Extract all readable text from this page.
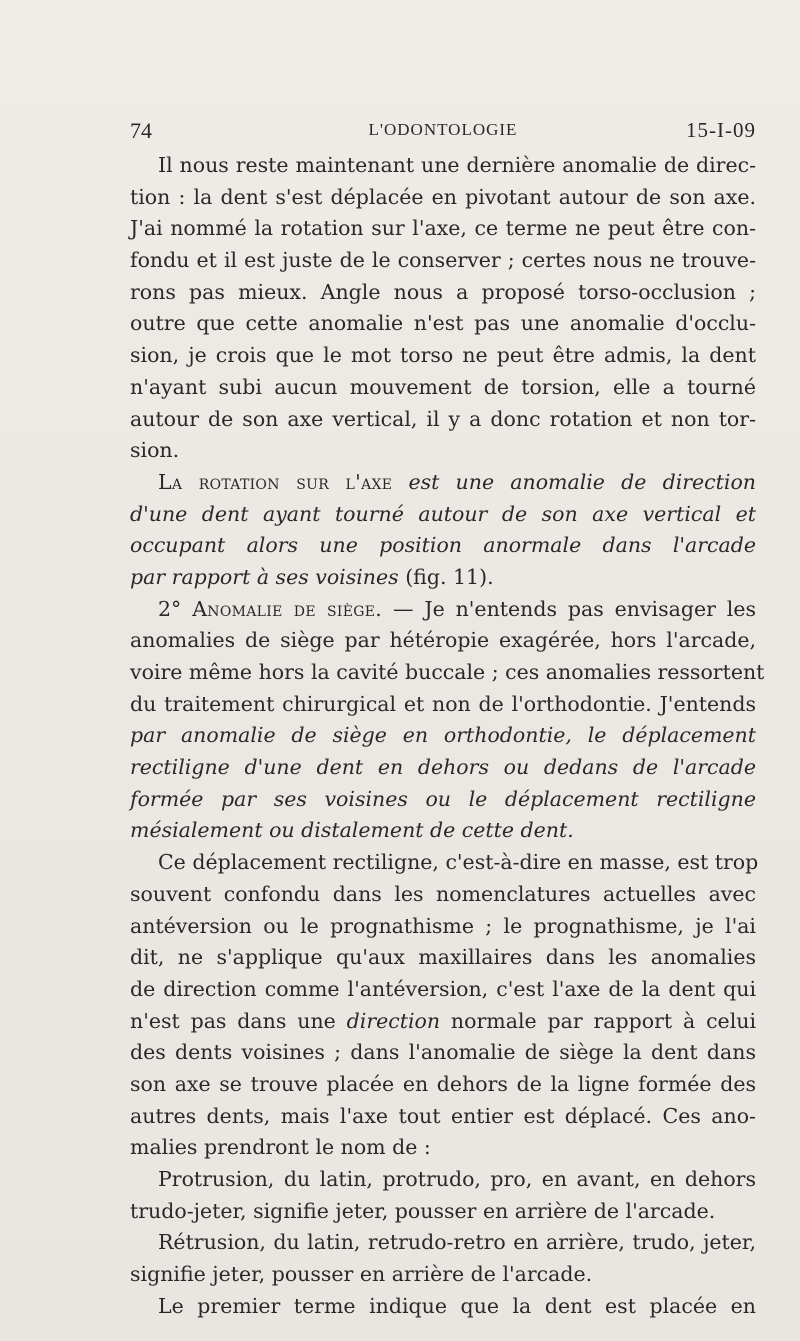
74	L'ODONTOLOGIE	15-I-09
Il nous reste maintenant une dernière anomalie de direc-
tion : la dent s'est déplacée en pivotant autour de son axe.
J'ai nommé la rotation sur l'axe, ce terme ne peut être con-
fondu et il est juste de le conserver ; certes nous ne trouve-
rons pas mieux. Angle nous a proposé torso-occlusion ;
outre que cette anomalie n'est pas une anomalie d'occlu-
sion, je crois que le mot torso ne peut être admis, la dent
n'ayant subi aucun mouvement de torsion, elle a tourné
autour de son axe vertical, il y a donc rotation et non tor-
sion.
La rotation sur l'axe est une anomalie de direction
d'une dent ayant tourné autour de son axe vertical et
occupant alors une position anormale dans l'arcade
par rapport à ses voisines (fig. 11).
2° Anomalie de siège. — Je n'entends pas envisager les
anomalies de siège par hétéropie exagérée, hors l'arcade,
voire même hors la cavité buccale ; ces anomalies ressortent
du traitement chirurgical et non de l'orthodontie. J'entends
par anomalie de siège en orthodontie, le déplacement
rectiligne d'une dent en dehors ou dedans de l'arcade
formée par ses voisines ou le déplacement rectiligne
mésialement ou distalement de cette dent.
Ce déplacement rectiligne, c'est-à-dire en masse, est trop
souvent confondu dans les nomenclatures actuelles avec
antéversion ou le prognathisme ; le prognathisme, je l'ai
dit, ne s'applique qu'aux maxillaires dans les anomalies
de direction comme l'antéversion, c'est l'axe de la dent qui
n'est pas dans une direction normale par rapport à celui
des dents voisines ; dans l'anomalie de siège la dent dans
son axe se trouve placée en dehors de la ligne formée des
autres dents, mais l'axe tout entier est déplacé. Ces ano-
malies prendront le nom de :
Protrusion, du latin, protrudo, pro, en avant, en dehors
trudo-jeter, signifie jeter, pousser en arrière de l'arcade.
Rétrusion, du latin, retrudo-retro en arrière, trudo, jeter,
signifie jeter, pousser en arrière de l'arcade.
Le premier terme indique que la dent est placée en
